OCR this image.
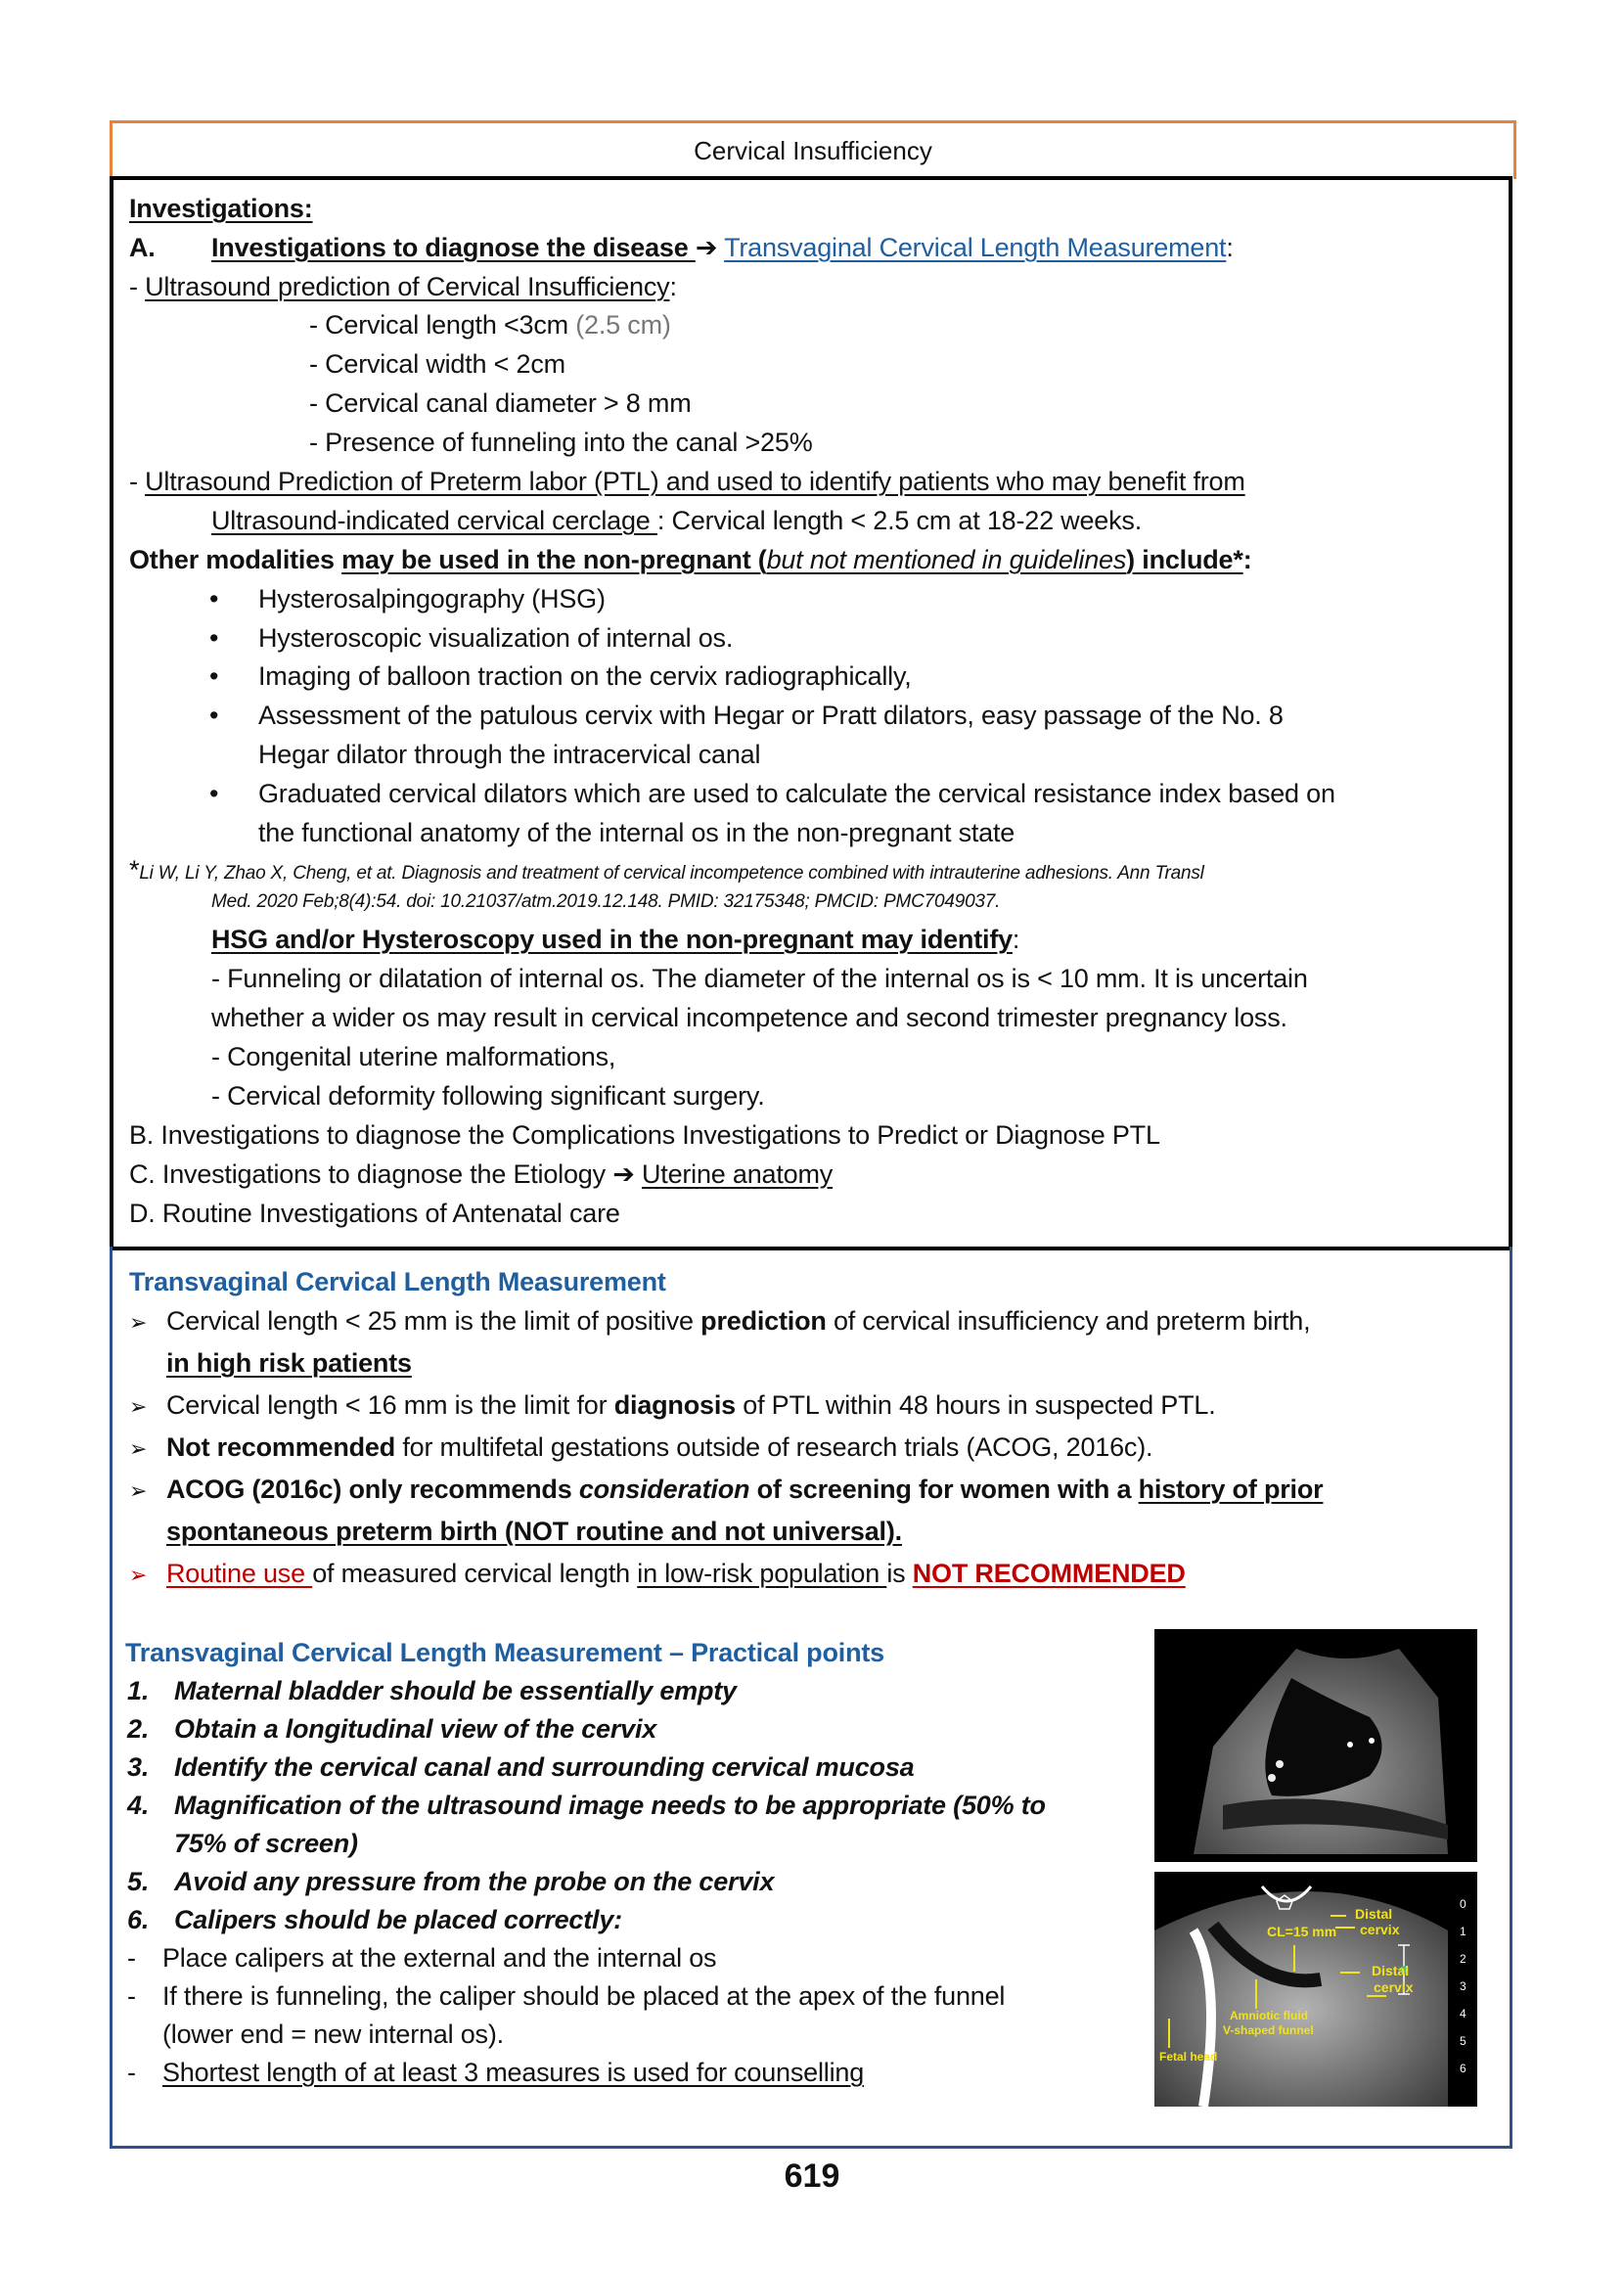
Cervical Insufficiency
Investigations:
A. Investigations to diagnose the disease ➔ Transvaginal Cervical Length Measurement:
- Ultrasound prediction of Cervical Insufficiency:
- Cervical length <3cm (2.5 cm)
- Cervical width < 2cm
- Cervical canal diameter > 8 mm
- Presence of funneling into the canal >25%
- Ultrasound Prediction of Preterm labor (PTL) and used to identify patients who may benefit from
Ultrasound-indicated cervical cerclage : Cervical length < 2.5 cm at 18-22 weeks.
Other modalities may be used in the non-pregnant (but not mentioned in guidelines) include*:
• Hysterosalpingography (HSG)
• Hysteroscopic visualization of internal os.
• Imaging of balloon traction on the cervix radiographically,
• Assessment of the patulous cervix with Hegar or Pratt dilators, easy passage of the No. 8
Hegar dilator through the intracervical canal
• Graduated cervical dilators which are used to calculate the cervical resistance index based on
the functional anatomy of the internal os in the non-pregnant state
*Li W, Li Y, Zhao X, Cheng, et at. Diagnosis and treatment of cervical incompetence combined with intrauterine adhesions. Ann Transl
Med. 2020 Feb;8(4):54. doi: 10.21037/atm.2019.12.148. PMID: 32175348; PMCID: PMC7049037.
HSG and/or Hysteroscopy used in the non-pregnant may identify:
- Funneling or dilatation of internal os. The diameter of the internal os is < 10 mm. It is uncertain
whether a wider os may result in cervical incompetence and second trimester pregnancy loss.
- Congenital uterine malformations,
- Cervical deformity following significant surgery.
B. Investigations to diagnose the Complications Investigations to Predict or Diagnose PTL
C. Investigations to diagnose the Etiology ➔ Uterine anatomy
D. Routine Investigations of Antenatal care
Transvaginal Cervical Length Measurement
➢ Cervical length < 25 mm is the limit of positive prediction of cervical insufficiency and preterm birth,
in high risk patients
➢ Cervical length < 16 mm is the limit for diagnosis of PTL within 48 hours in suspected PTL.
➢ Not recommended for multifetal gestations outside of research trials (ACOG, 2016c).
➢ ACOG (2016c) only recommends consideration of screening for women with a history of prior
spontaneous preterm birth (NOT routine and not universal).
➢ Routine use of measured cervical length in low-risk population is NOT RECOMMENDED
Transvaginal Cervical Length Measurement – Practical points
1. Maternal bladder should be essentially empty
2. Obtain a longitudinal view of the cervix
3. Identify the cervical canal and surrounding cervical mucosa
4. Magnification of the ultrasound image needs to be appropriate (50% to
75% of screen)
5. Avoid any pressure from the probe on the cervix
6. Calipers should be placed correctly:
- Place calipers at the external and the internal os
- If there is funneling, the caliper should be placed at the apex of the funnel
(lower end = new internal os).
- Shortest length of at least 3 measures is used for counselling
CL=15 mm
Distal
cervix
Distal
cervix
Amniotic fluid
V-shaped funnel
Fetal head
0
1
2
3
4
5
6
619
